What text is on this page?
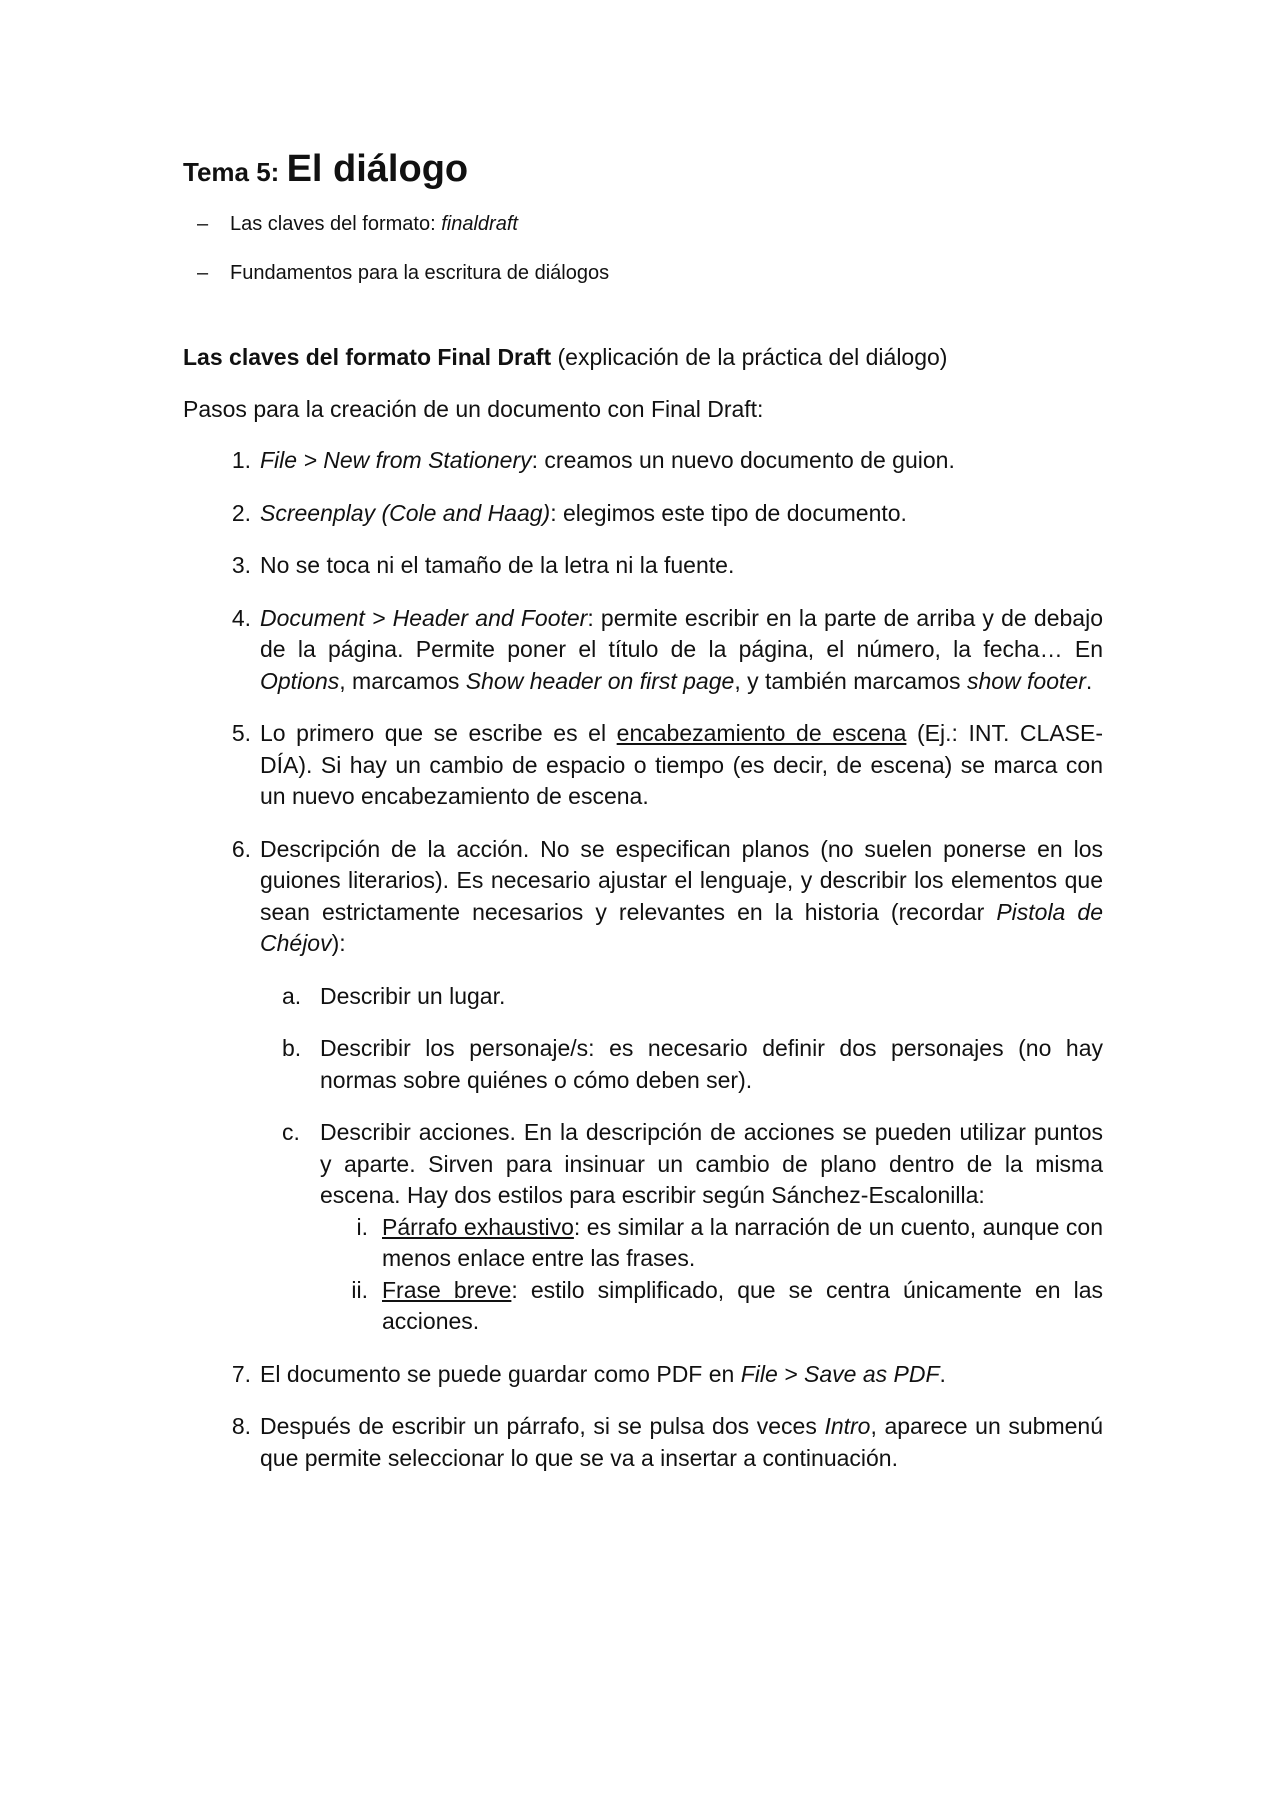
Tema 5: El diálogo
– Las claves del formato: finaldraft
– Fundamentos para la escritura de diálogos

Las claves del formato Final Draft (explicación de la práctica del diálogo)

Pasos para la creación de un documento con Final Draft:

1. File > New from Stationery: creamos un nuevo documento de guion.
2. Screenplay (Cole and Haag): elegimos este tipo de documento.
3. No se toca ni el tamaño de la letra ni la fuente.
4. Document > Header and Footer: permite escribir en la parte de arriba y de debajo de la página. Permite poner el título de la página, el número, la fecha… En Options, marcamos Show header on first page, y también marcamos show footer.
5. Lo primero que se escribe es el encabezamiento de escena (Ej.: INT. CLASE-DÍA). Si hay un cambio de espacio o tiempo (es decir, de escena) se marca con un nuevo encabezamiento de escena.
6. Descripción de la acción. No se especifican planos (no suelen ponerse en los guiones literarios). Es necesario ajustar el lenguaje, y describir los elementos que sean estrictamente necesarios y relevantes en la historia (recordar Pistola de Chéjov):
a. Describir un lugar.
b. Describir los personaje/s: es necesario definir dos personajes (no hay normas sobre quiénes o cómo deben ser).
c. Describir acciones. En la descripción de acciones se pueden utilizar puntos y aparte. Sirven para insinuar un cambio de plano dentro de la misma escena. Hay dos estilos para escribir según Sánchez-Escalonilla:
i. Párrafo exhaustivo: es similar a la narración de un cuento, aunque con menos enlace entre las frases.
ii. Frase breve: estilo simplificado, que se centra únicamente en las acciones.
7. El documento se puede guardar como PDF en File > Save as PDF.
8. Después de escribir un párrafo, si se pulsa dos veces Intro, aparece un submenú que permite seleccionar lo que se va a insertar a continuación.
